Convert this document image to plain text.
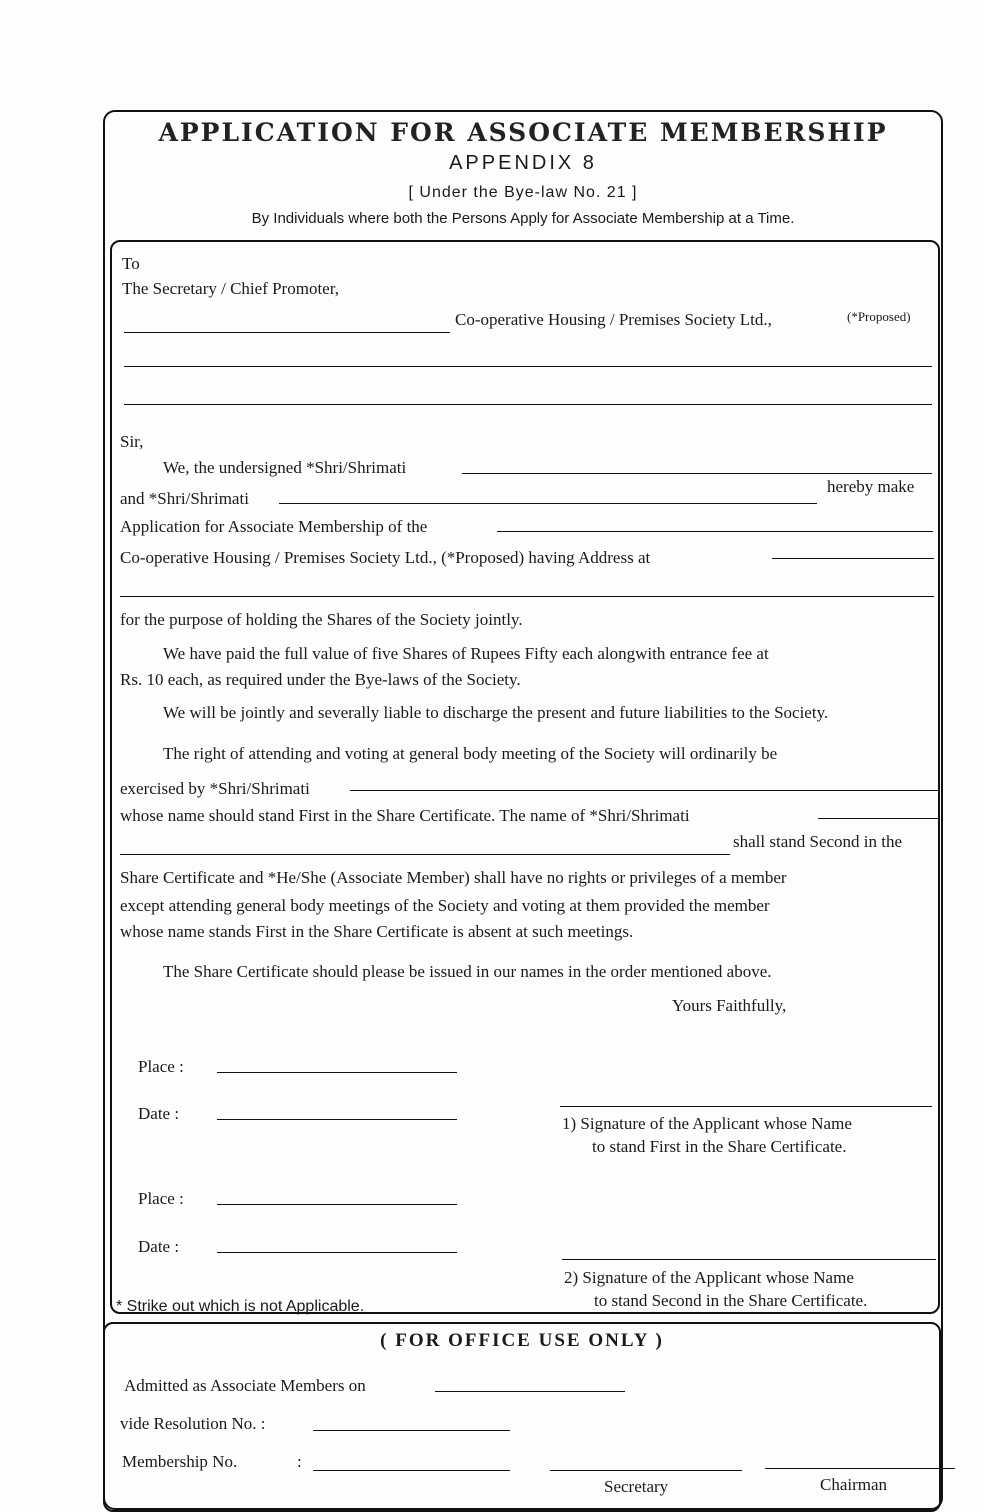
APPLICATION FOR ASSOCIATE MEMBERSHIP
APPENDIX 8
[ Under the Bye-law No. 21 ]
By Individuals where both the Persons Apply for Associate Membership at a Time.
To
The Secretary / Chief Promoter,
Co-operative Housing / Premises Society Ltd.,	(*Proposed)
Sir,
We, the undersigned *Shri/Shrimati
and *Shri/Shrimati
hereby make
Application for Associate Membership of the
Co-operative Housing / Premises Society Ltd., (*Proposed) having Address at
for the purpose of holding the Shares of the Society jointly.
We have paid the full value of five Shares of Rupees Fifty each alongwith entrance fee at
Rs. 10 each, as required under the Bye-laws of the Society.
We will be jointly and severally liable to discharge the present and future liabilities to the Society.
The right of attending and voting at general body meeting of the Society will ordinarily be
exercised by *Shri/Shrimati
whose name should stand First in the Share Certificate. The name of *Shri/Shrimati
shall stand Second in the
Share Certificate and *He/She (Associate Member) shall have no rights or privileges of a member
except attending general body meetings of the Society and voting at them provided the member
whose name stands First in the Share Certificate is absent at such meetings.
The Share Certificate should please be issued in our names in the order mentioned above.
Yours Faithfully,
Place :
Date :
1) Signature of the Applicant whose Name
to stand First in the Share Certificate.
Place :
Date :
2) Signature of the Applicant whose Name
to stand Second in the Share Certificate.
* Strike out which is not Applicable.
( FOR OFFICE USE ONLY )
Admitted as Associate Members on
vide Resolution No. :
Membership No.	:
Secretary	Chairman
